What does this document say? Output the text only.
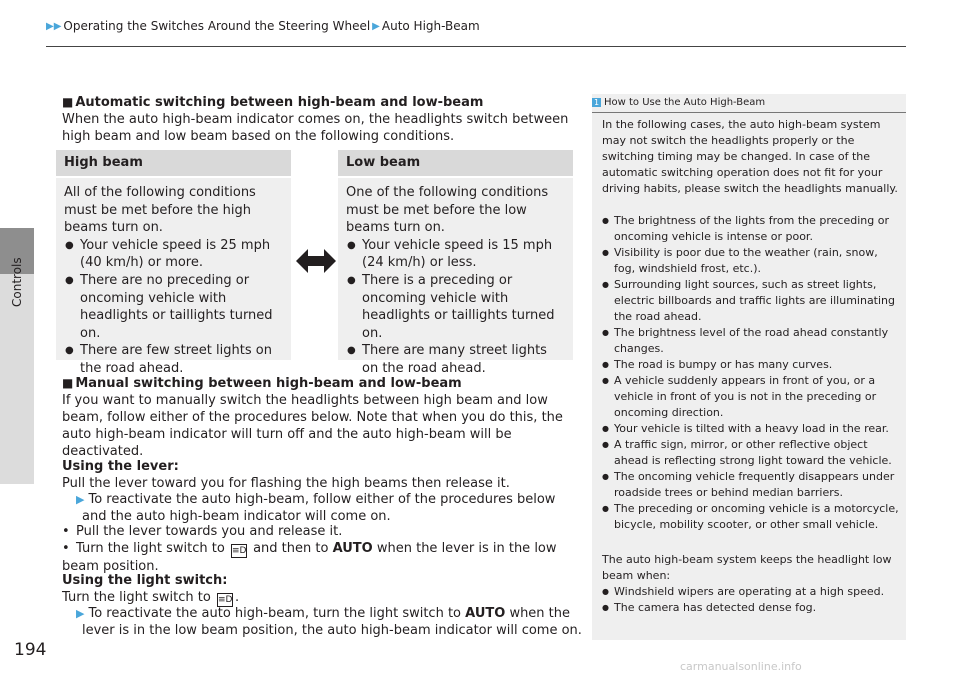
Controls
194
▶▶ Operating the Switches Around the Steering Wheel ▶ Auto High-Beam
■ Automatic switching between high-beam and low-beam
When the auto high-beam indicator comes on, the headlights switch between high beam and low beam based on the following conditions.
High beam
All of the following conditions must be met before the high beams turn on.
● Your vehicle speed is 25 mph (40 km/h) or more.
● There are no preceding or oncoming vehicle with headlights or taillights turned on.
● There are few street lights on the road ahead.
Low beam
One of the following conditions must be met before the low beams turn on.
● Your vehicle speed is 15 mph (24 km/h) or less.
● There is a preceding or oncoming vehicle with headlights or taillights turned on.
● There are many street lights on the road ahead.
■ Manual switching between high-beam and low-beam
If you want to manually switch the headlights between high beam and low beam, follow either of the procedures below. Note that when you do this, the auto high-beam indicator will turn off and the auto high-beam will be deactivated.
Using the lever:
Pull the lever toward you for flashing the high beams then release it.
▶ To reactivate the auto high-beam, follow either of the procedures below and the auto high-beam indicator will come on.
• Pull the lever towards you and release it.
• Turn the light switch to ≡D and then to AUTO when the lever is in the low beam position.
Using the light switch:
Turn the light switch to ≡D .
▶ To reactivate the auto high-beam, turn the light switch to AUTO when the lever is in the low beam position, the auto high-beam indicator will come on.
1 How to Use the Auto High-Beam
In the following cases, the auto high-beam system may not switch the headlights properly or the switching timing may be changed. In case of the automatic switching operation does not fit for your driving habits, please switch the headlights manually.
● The brightness of the lights from the preceding or oncoming vehicle is intense or poor.
● Visibility is poor due to the weather (rain, snow, fog, windshield frost, etc.).
● Surrounding light sources, such as street lights, electric billboards and traffic lights are illuminating the road ahead.
● The brightness level of the road ahead constantly changes.
● The road is bumpy or has many curves.
● A vehicle suddenly appears in front of you, or a vehicle in front of you is not in the preceding or oncoming direction.
● Your vehicle is tilted with a heavy load in the rear.
● A traffic sign, mirror, or other reflective object ahead is reflecting strong light toward the vehicle.
● The oncoming vehicle frequently disappears under roadside trees or behind median barriers.
● The preceding or oncoming vehicle is a motorcycle, bicycle, mobility scooter, or other small vehicle.
The auto high-beam system keeps the headlight low beam when:
● Windshield wipers are operating at a high speed.
● The camera has detected dense fog.
carmanualsonline.info
